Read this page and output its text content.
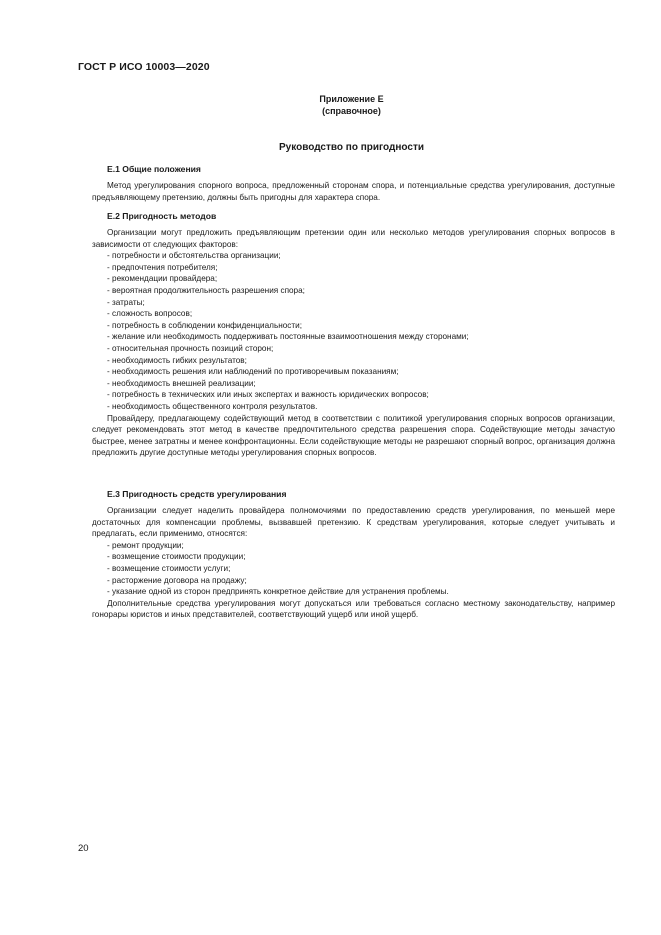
ГОСТ Р ИСО 10003—2020
Приложение Е
(справочное)
Руководство по пригодности
Е.1 Общие положения

Метод урегулирования спорного вопроса, предложенный сторонам спора, и потенциальные средства урегулирования, доступные предъявляющему претензию, должны быть пригодны для характера спора.

Е.2 Пригодность методов

Организации могут предложить предъявляющим претензии один или несколько методов урегулирования спорных вопросов в зависимости от следующих факторов:

- потребности и обстоятельства организации;
- предпочтения потребителя;
- рекомендации провайдера;
- вероятная продолжительность разрешения спора;
- затраты;
- сложность вопросов;
- потребность в соблюдении конфиденциальности;
- желание или необходимость поддерживать постоянные взаимоотношения между сторонами;
- относительная прочность позиций сторон;
- необходимость гибких результатов;
- необходимость решения или наблюдений по противоречивым показаниям;
- необходимость внешней реализации;
- потребность в технических или иных экспертах и важность юридических вопросов;
- необходимость общественного контроля результатов.

Провайдеру, предлагающему содействующий метод в соответствии с политикой урегулирования спорных вопросов организации, следует рекомендовать этот метод в качестве предпочтительного средства разрешения спора. Содействующие методы зачастую быстрее, менее затратны и менее конфронтационны. Если содействующие методы не разрешают спорный вопрос, организация должна предложить другие доступные методы урегулирования спорных вопросов.

Е.3 Пригодность средств урегулирования

Организации следует наделить провайдера полномочиями по предоставлению средств урегулирования, по меньшей мере достаточных для компенсации проблемы, вызвавшей претензию. К средствам урегулирования, которые следует учитывать и предлагать, если применимо, относятся:

- ремонт продукции;
- возмещение стоимости продукции;
- возмещение стоимости услуги;
- расторжение договора на продажу;
- указание одной из сторон предпринять конкретное действие для устранения проблемы.

Дополнительные средства урегулирования могут допускаться или требоваться согласно местному законодательству, например гонорары юристов и иных представителей, соответствующий ущерб или иной ущерб.

20
